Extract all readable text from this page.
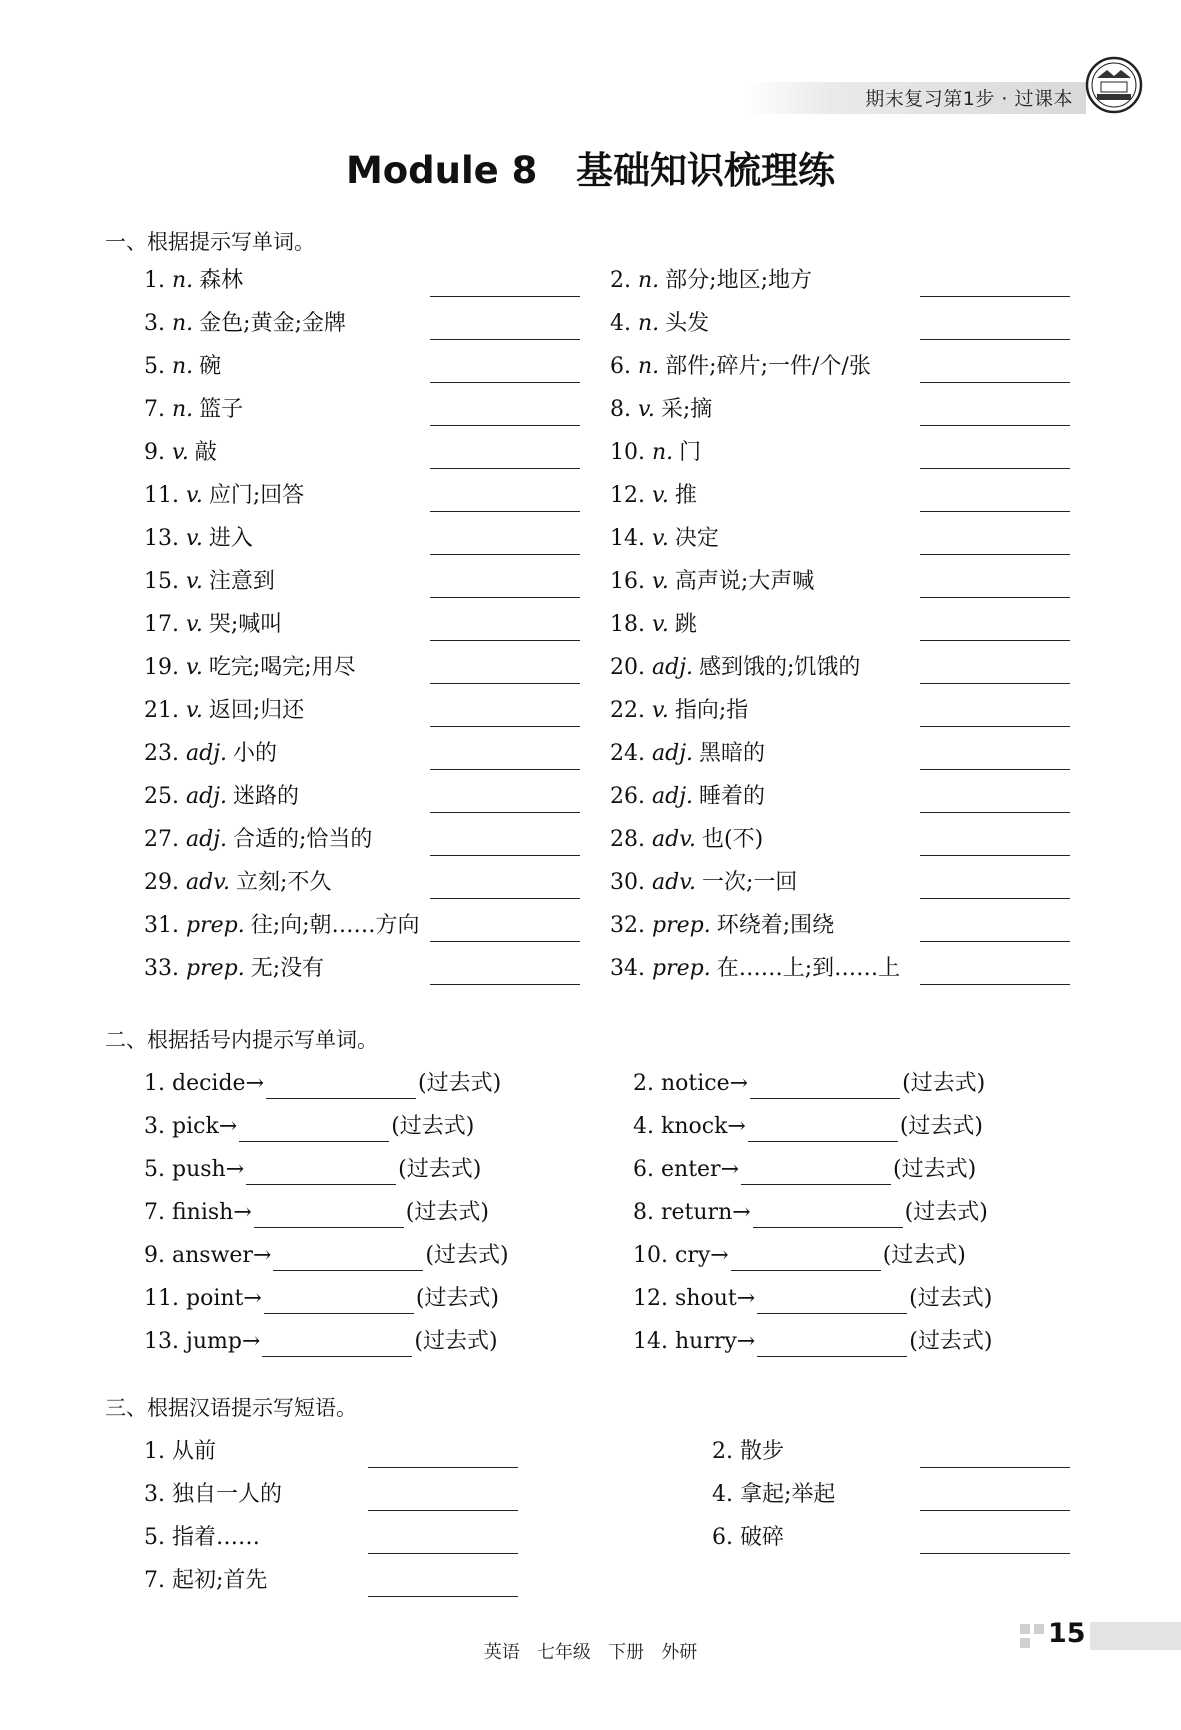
期末复习第1步 · 过课本
Module 8   基础知识梳理练
一、根据提示写单词。
1. n. 森林	2. n. 部分;地区;地方
3. n. 金色;黄金;金牌	4. n. 头发
5. n. 碗	6. n. 部件;碎片;一件/个/张
7. n. 篮子	8. v. 采;摘
9. v. 敲	10. n. 门
11. v. 应门;回答	12. v. 推
13. v. 进入	14. v. 决定
15. v. 注意到	16. v. 高声说;大声喊
17. v. 哭;喊叫	18. v. 跳
19. v. 吃完;喝完;用尽	20. adj. 感到饿的;饥饿的
21. v. 返回;归还	22. v. 指向;指
23. adj. 小的	24. adj. 黑暗的
25. adj. 迷路的	26. adj. 睡着的
27. adj. 合适的;恰当的	28. adv. 也(不)
29. adv. 立刻;不久	30. adv. 一次;一回
31. prep. 往;向;朝……方向	32. prep. 环绕着;围绕
33. prep. 无;没有	34. prep. 在……上;到……上
二、根据括号内提示写单词。
1. decide→	(过去式)	2. notice→	(过去式)
3. pick→	(过去式)	4. knock→	(过去式)
5. push→	(过去式)	6. enter→	(过去式)
7. finish→	(过去式)	8. return→	(过去式)
9. answer→	(过去式)	10. cry→	(过去式)
11. point→	(过去式)	12. shout→	(过去式)
13. jump→	(过去式)	14. hurry→	(过去式)
三、根据汉语提示写短语。
1. 从前	2. 散步
3. 独自一人的	4. 拿起;举起
5. 指着……	6. 破碎
7. 起初;首先
英语 七年级 下册 外研
15
